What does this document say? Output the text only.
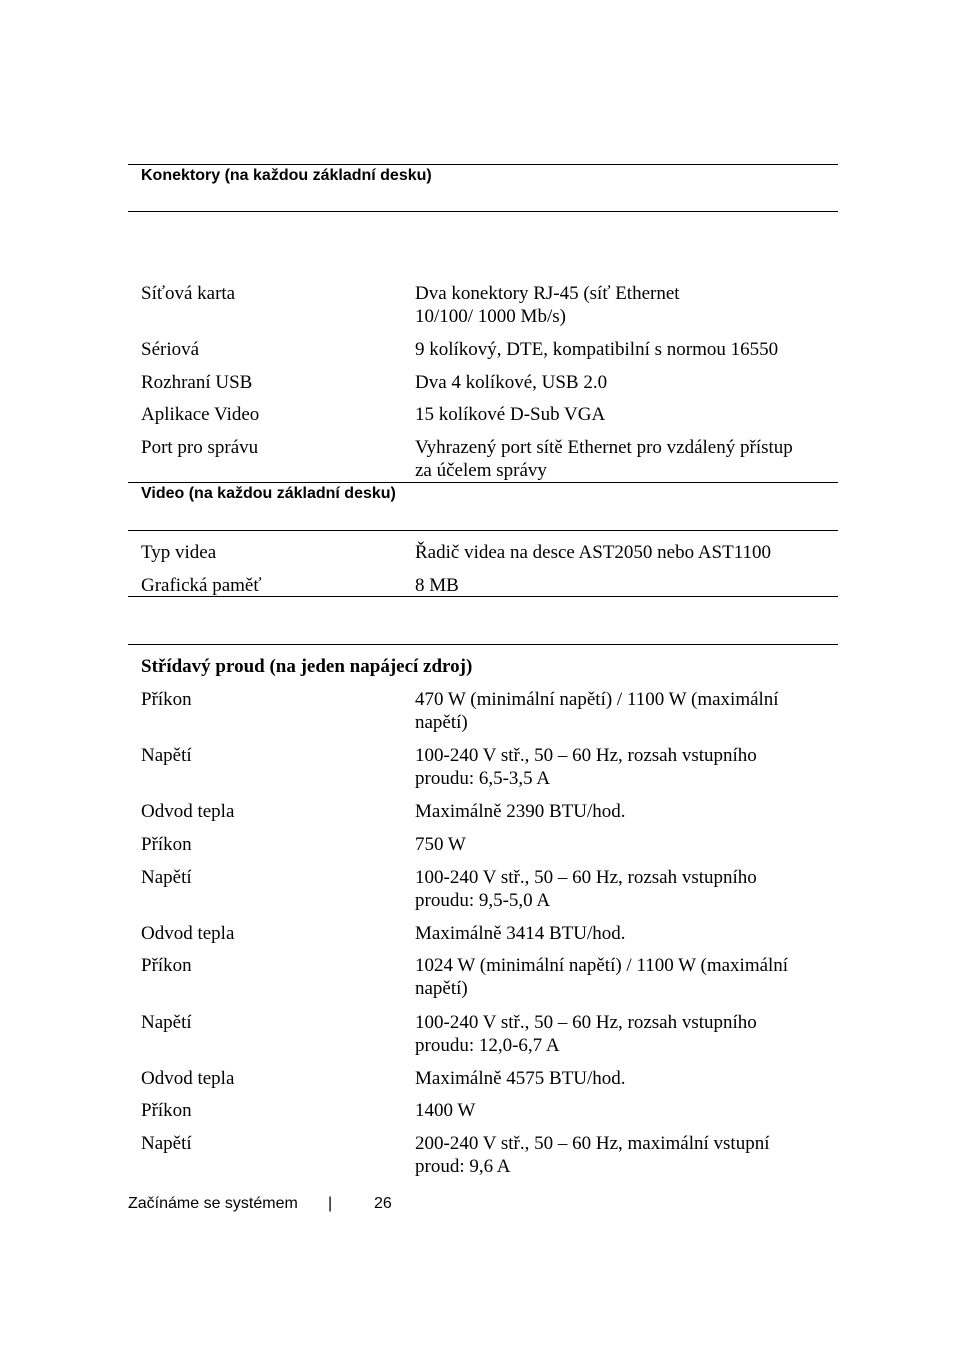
Konektory (na každou základní desku)
Síťová karta	Dva konektory RJ-45 (síť Ethernet
10/100/ 1000 Mb/s)
Sériová	9 kolíkový, DTE, kompatibilní s normou 16550
Rozhraní USB	Dva 4 kolíkové, USB 2.0
Aplikace Video	15 kolíkové D-Sub VGA
Port pro správu	Vyhrazený port sítě Ethernet pro vzdálený přístup
za účelem správy
Video (na každou základní desku)
Typ videa	Řadič videa na desce AST2050 nebo AST1100
Grafická paměť	8 MB
Střídavý proud (na jeden napájecí zdroj)
Příkon	470 W (minimální napětí) / 1100 W (maximální
napětí)
Napětí	100-240 V stř., 50 – 60 Hz, rozsah vstupního
proudu: 6,5-3,5 A
Odvod tepla	Maximálně 2390 BTU/hod.
Příkon	750 W
Napětí	100-240 V stř., 50 – 60 Hz, rozsah vstupního
proudu: 9,5-5,0 A
Odvod tepla	Maximálně 3414 BTU/hod.
Příkon	1024 W (minimální napětí) / 1100 W (maximální
napětí)
Napětí	100-240 V stř., 50 – 60 Hz, rozsah vstupního
proudu: 12,0-6,7 A
Odvod tepla	Maximálně 4575 BTU/hod.
Příkon	1400 W
Napětí	200-240 V stř., 50 – 60 Hz, maximální vstupní
proud: 9,6 A
Začínáme se systémem |	26
